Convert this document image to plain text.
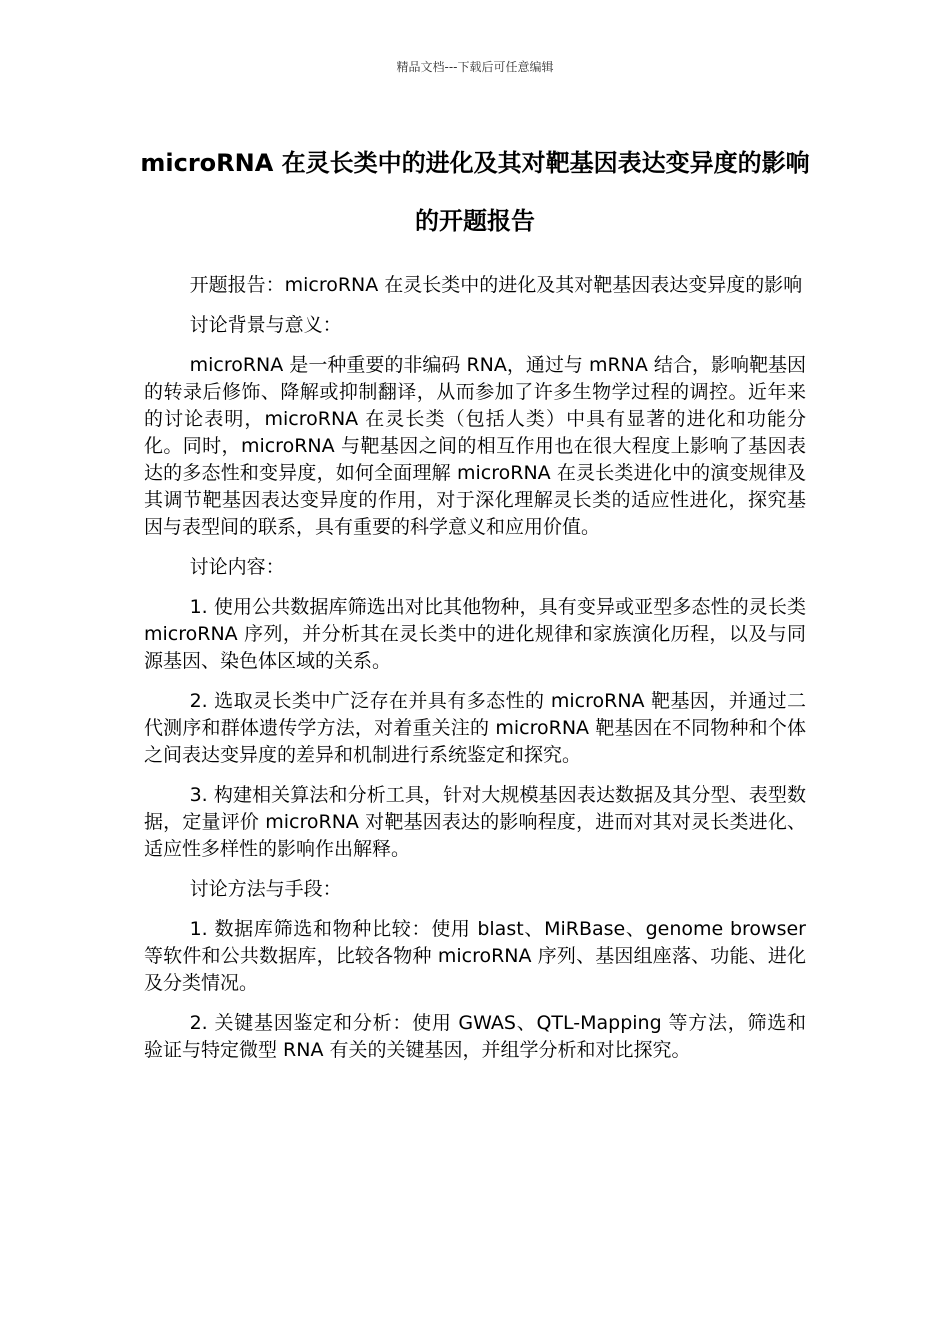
精品文档---下载后可任意编辑
microRNA 在灵长类中的进化及其对靶基因表达变异度的影响的开题报告

开题报告：microRNA 在灵长类中的进化及其对靶基因表达变异度的影响

讨论背景与意义：

microRNA 是一种重要的非编码 RNA，通过与 mRNA 结合，影响靶基因的转录后修饰、降解或抑制翻译，从而参加了许多生物学过程的调控。近年来的讨论表明，microRNA 在灵长类（包括人类）中具有显著的进化和功能分化。同时，microRNA 与靶基因之间的相互作用也在很大程度上影响了基因表达的多态性和变异度，如何全面理解 microRNA 在灵长类进化中的演变规律及其调节靶基因表达变异度的作用，对于深化理解灵长类的适应性进化，探究基因与表型间的联系，具有重要的科学意义和应用价值。

讨论内容：

1. 使用公共数据库筛选出对比其他物种，具有变异或亚型多态性的灵长类 microRNA 序列，并分析其在灵长类中的进化规律和家族演化历程，以及与同源基因、染色体区域的关系。

2. 选取灵长类中广泛存在并具有多态性的 microRNA 靶基因，并通过二代测序和群体遗传学方法，对着重关注的 microRNA 靶基因在不同物种和个体之间表达变异度的差异和机制进行系统鉴定和探究。

3. 构建相关算法和分析工具，针对大规模基因表达数据及其分型、表型数据，定量评价 microRNA 对靶基因表达的影响程度，进而对其对灵长类进化、适应性多样性的影响作出解释。

讨论方法与手段：

1. 数据库筛选和物种比较：使用 blast、MiRBase、genome browser 等软件和公共数据库，比较各物种 microRNA 序列、基因组座落、功能、进化及分类情况。

2. 关键基因鉴定和分析：使用 GWAS、QTL-Mapping 等方法，筛选和验证与特定微型 RNA 有关的关键基因，并组学分析和对比探究。
